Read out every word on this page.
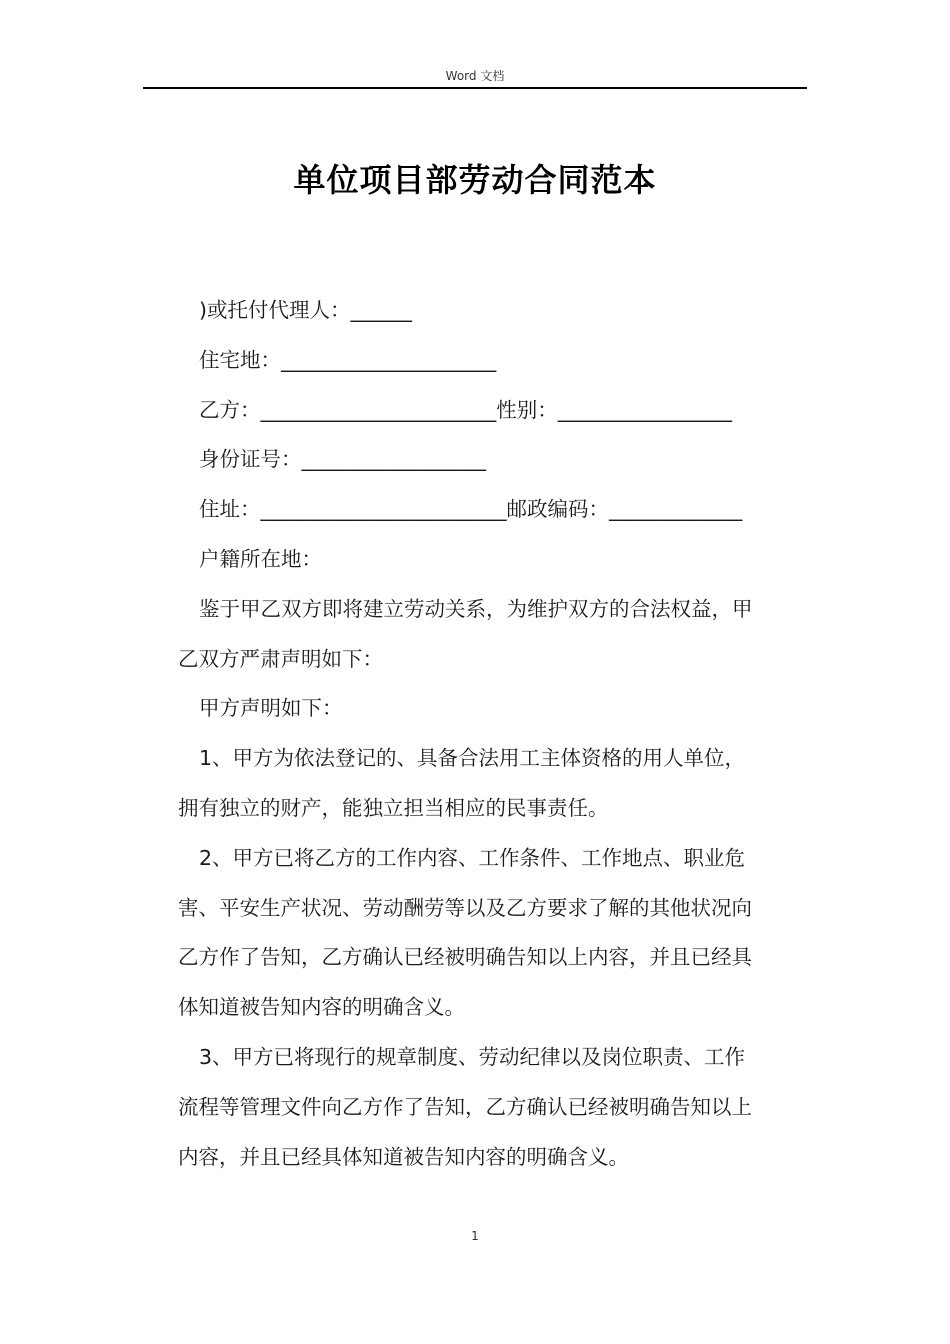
Word 文档
单位项目部劳动合同范本
)或托付代理人：______
住宅地：_____________________
乙方：_______________________性别：_________________
身份证号：__________________
住址：________________________邮政编码：_____________
户籍所在地：
鉴于甲乙双方即将建立劳动关系，为维护双方的合法权益，甲
乙双方严肃声明如下：
甲方声明如下：
1、甲方为依法登记的、具备合法用工主体资格的用人单位，
拥有独立的财产，能独立担当相应的民事责任。
2、甲方已将乙方的工作内容、工作条件、工作地点、职业危
害、平安生产状况、劳动酬劳等以及乙方要求了解的其他状况向
乙方作了告知，乙方确认已经被明确告知以上内容，并且已经具
体知道被告知内容的明确含义。
3、甲方已将现行的规章制度、劳动纪律以及岗位职责、工作
流程等管理文件向乙方作了告知，乙方确认已经被明确告知以上
内容，并且已经具体知道被告知内容的明确含义。
1
